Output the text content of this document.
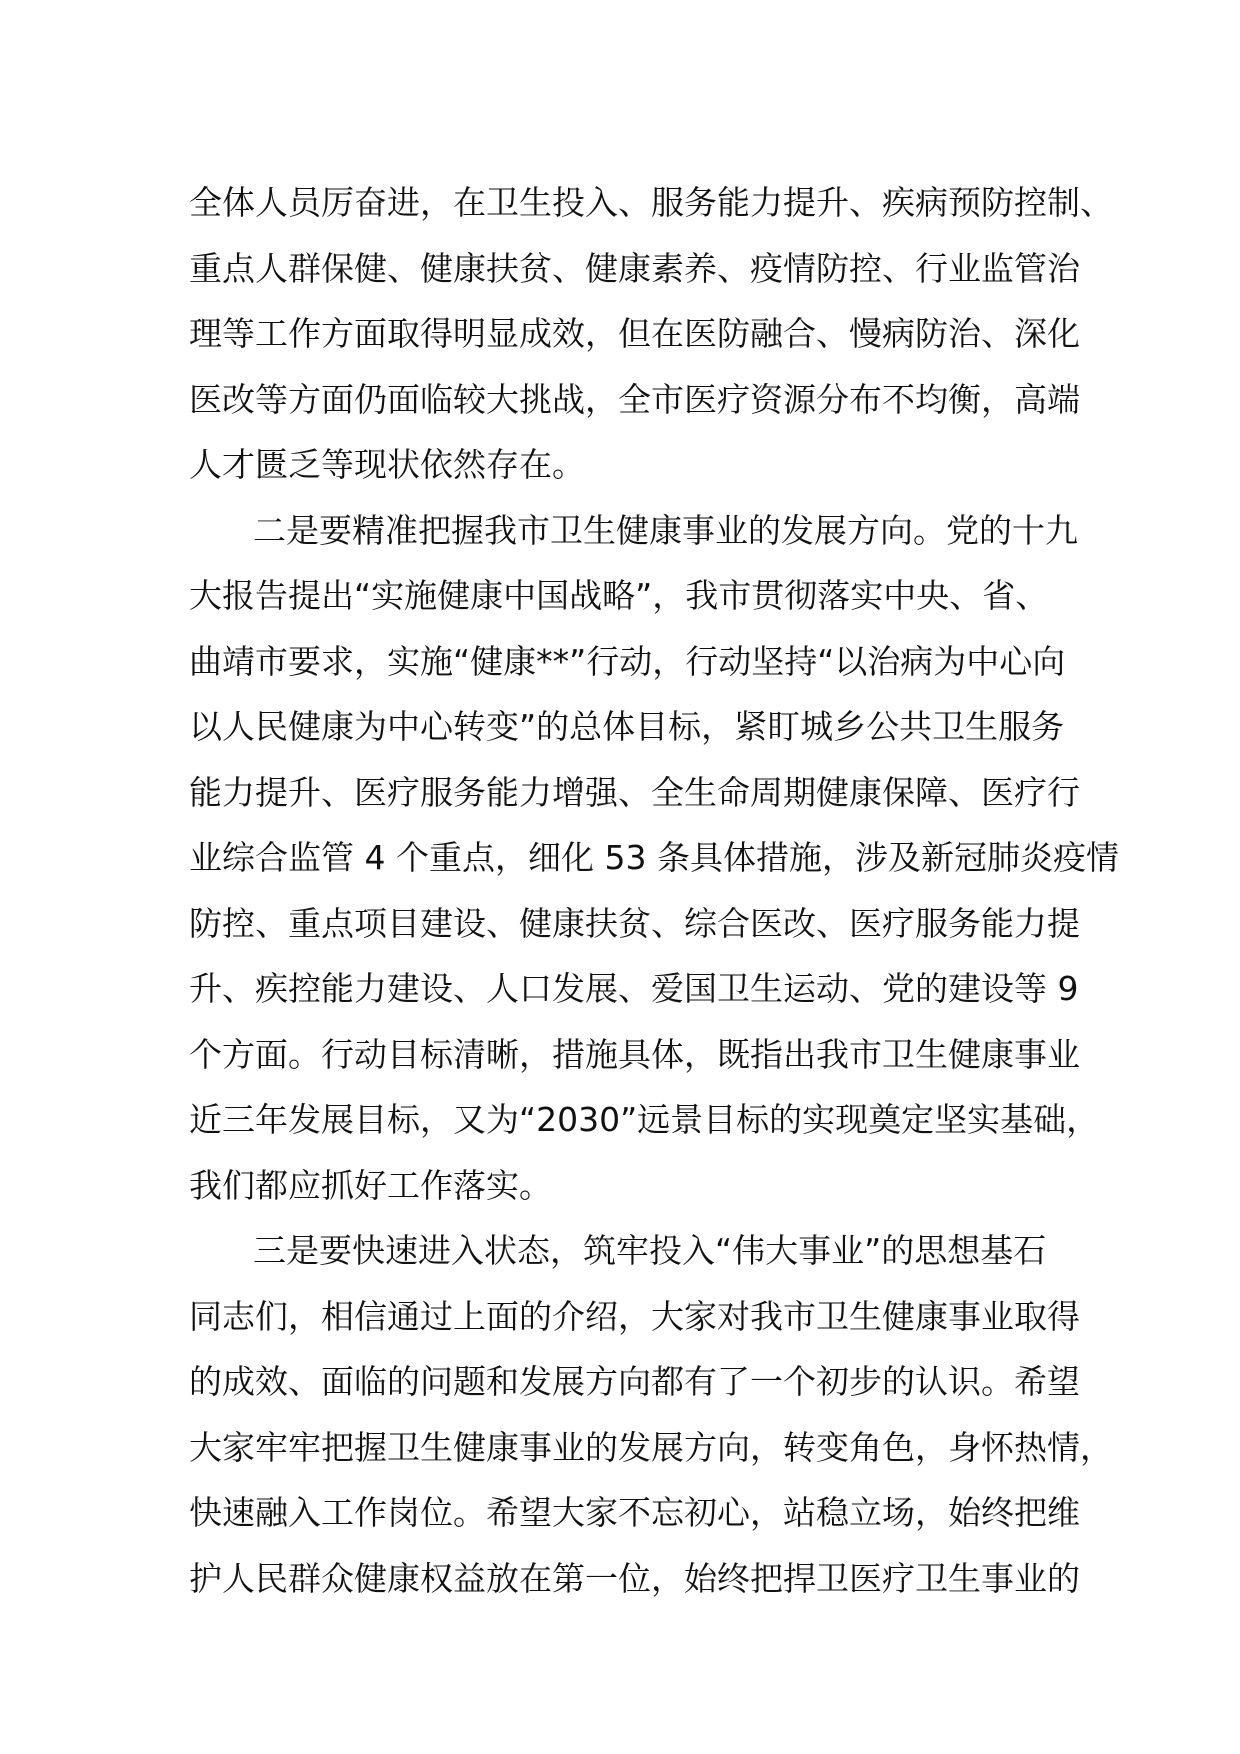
全体人员厉奋进，在卫生投入、服务能力提升、疾病预防控制、
重点人群保健、健康扶贫、健康素养、疫情防控、行业监管治
理等工作方面取得明显成效，但在医防融合、慢病防治、深化
医改等方面仍面临较大挑战，全市医疗资源分布不均衡，高端
人才匮乏等现状依然存在。
二是要精准把握我市卫生健康事业的发展方向。党的十九
大报告提出“实施健康中国战略”，我市贯彻落实中央、省、
曲靖市要求，实施“健康**”行动，行动坚持“以治病为中心向
以人民健康为中心转变”的总体目标，紧盯城乡公共卫生服务
能力提升、医疗服务能力增强、全生命周期健康保障、医疗行
业综合监管 4 个重点，细化 53 条具体措施，涉及新冠肺炎疫情
防控、重点项目建设、健康扶贫、综合医改、医疗服务能力提
升、疾控能力建设、人口发展、爱国卫生运动、党的建设等 9
个方面。行动目标清晰，措施具体，既指出我市卫生健康事业
近三年发展目标，又为“2030”远景目标的实现奠定坚实基础，
我们都应抓好工作落实。
三是要快速进入状态，筑牢投入“伟大事业”的思想基石
同志们，相信通过上面的介绍，大家对我市卫生健康事业取得
的成效、面临的问题和发展方向都有了一个初步的认识。希望
大家牢牢把握卫生健康事业的发展方向，转变角色，身怀热情，
快速融入工作岗位。希望大家不忘初心，站稳立场，始终把维
护人民群众健康权益放在第一位，始终把捍卫医疗卫生事业的
